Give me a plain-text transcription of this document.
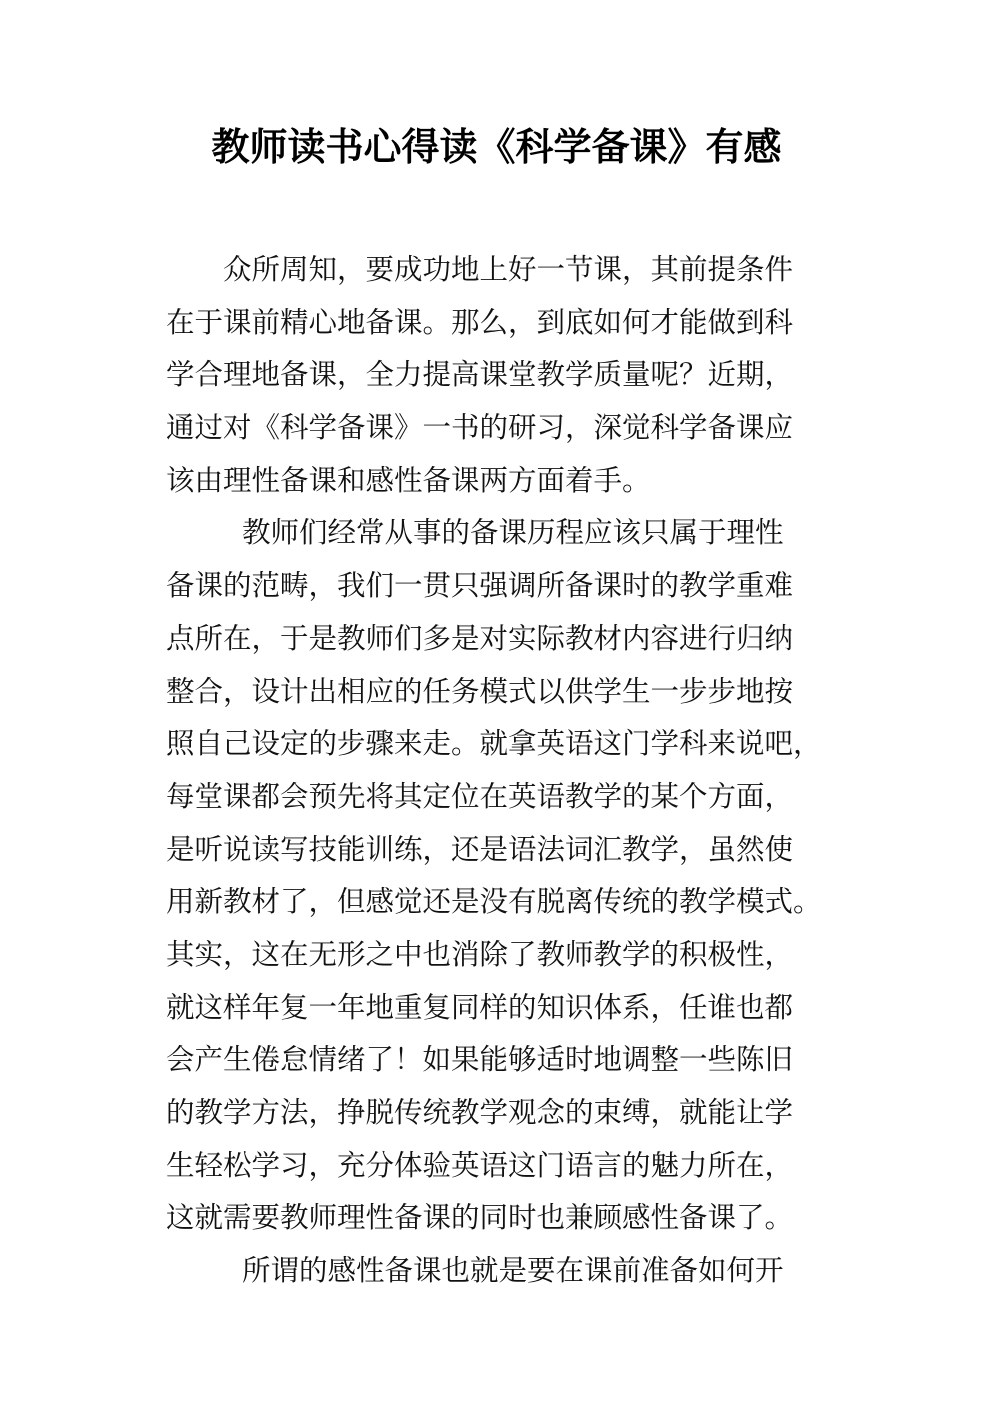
教师读书心得读《科学备课》有感
众所周知，要成功地上好一节课，其前提条件
在于课前精心地备课。那么，到底如何才能做到科
学合理地备课，全力提高课堂教学质量呢？近期，
通过对《科学备课》一书的研习，深觉科学备课应
该由理性备课和感性备课两方面着手。
教师们经常从事的备课历程应该只属于理性
备课的范畴，我们一贯只强调所备课时的教学重难
点所在，于是教师们多是对实际教材内容进行归纳
整合，设计出相应的任务模式以供学生一步步地按
照自己设定的步骤来走。就拿英语这门学科来说吧，
每堂课都会预先将其定位在英语教学的某个方面，
是听说读写技能训练，还是语法词汇教学，虽然使
用新教材了，但感觉还是没有脱离传统的教学模式。
其实，这在无形之中也消除了教师教学的积极性，
就这样年复一年地重复同样的知识体系，任谁也都
会产生倦怠情绪了！如果能够适时地调整一些陈旧
的教学方法，挣脱传统教学观念的束缚，就能让学
生轻松学习，充分体验英语这门语言的魅力所在，
这就需要教师理性备课的同时也兼顾感性备课了。
所谓的感性备课也就是要在课前准备如何开
